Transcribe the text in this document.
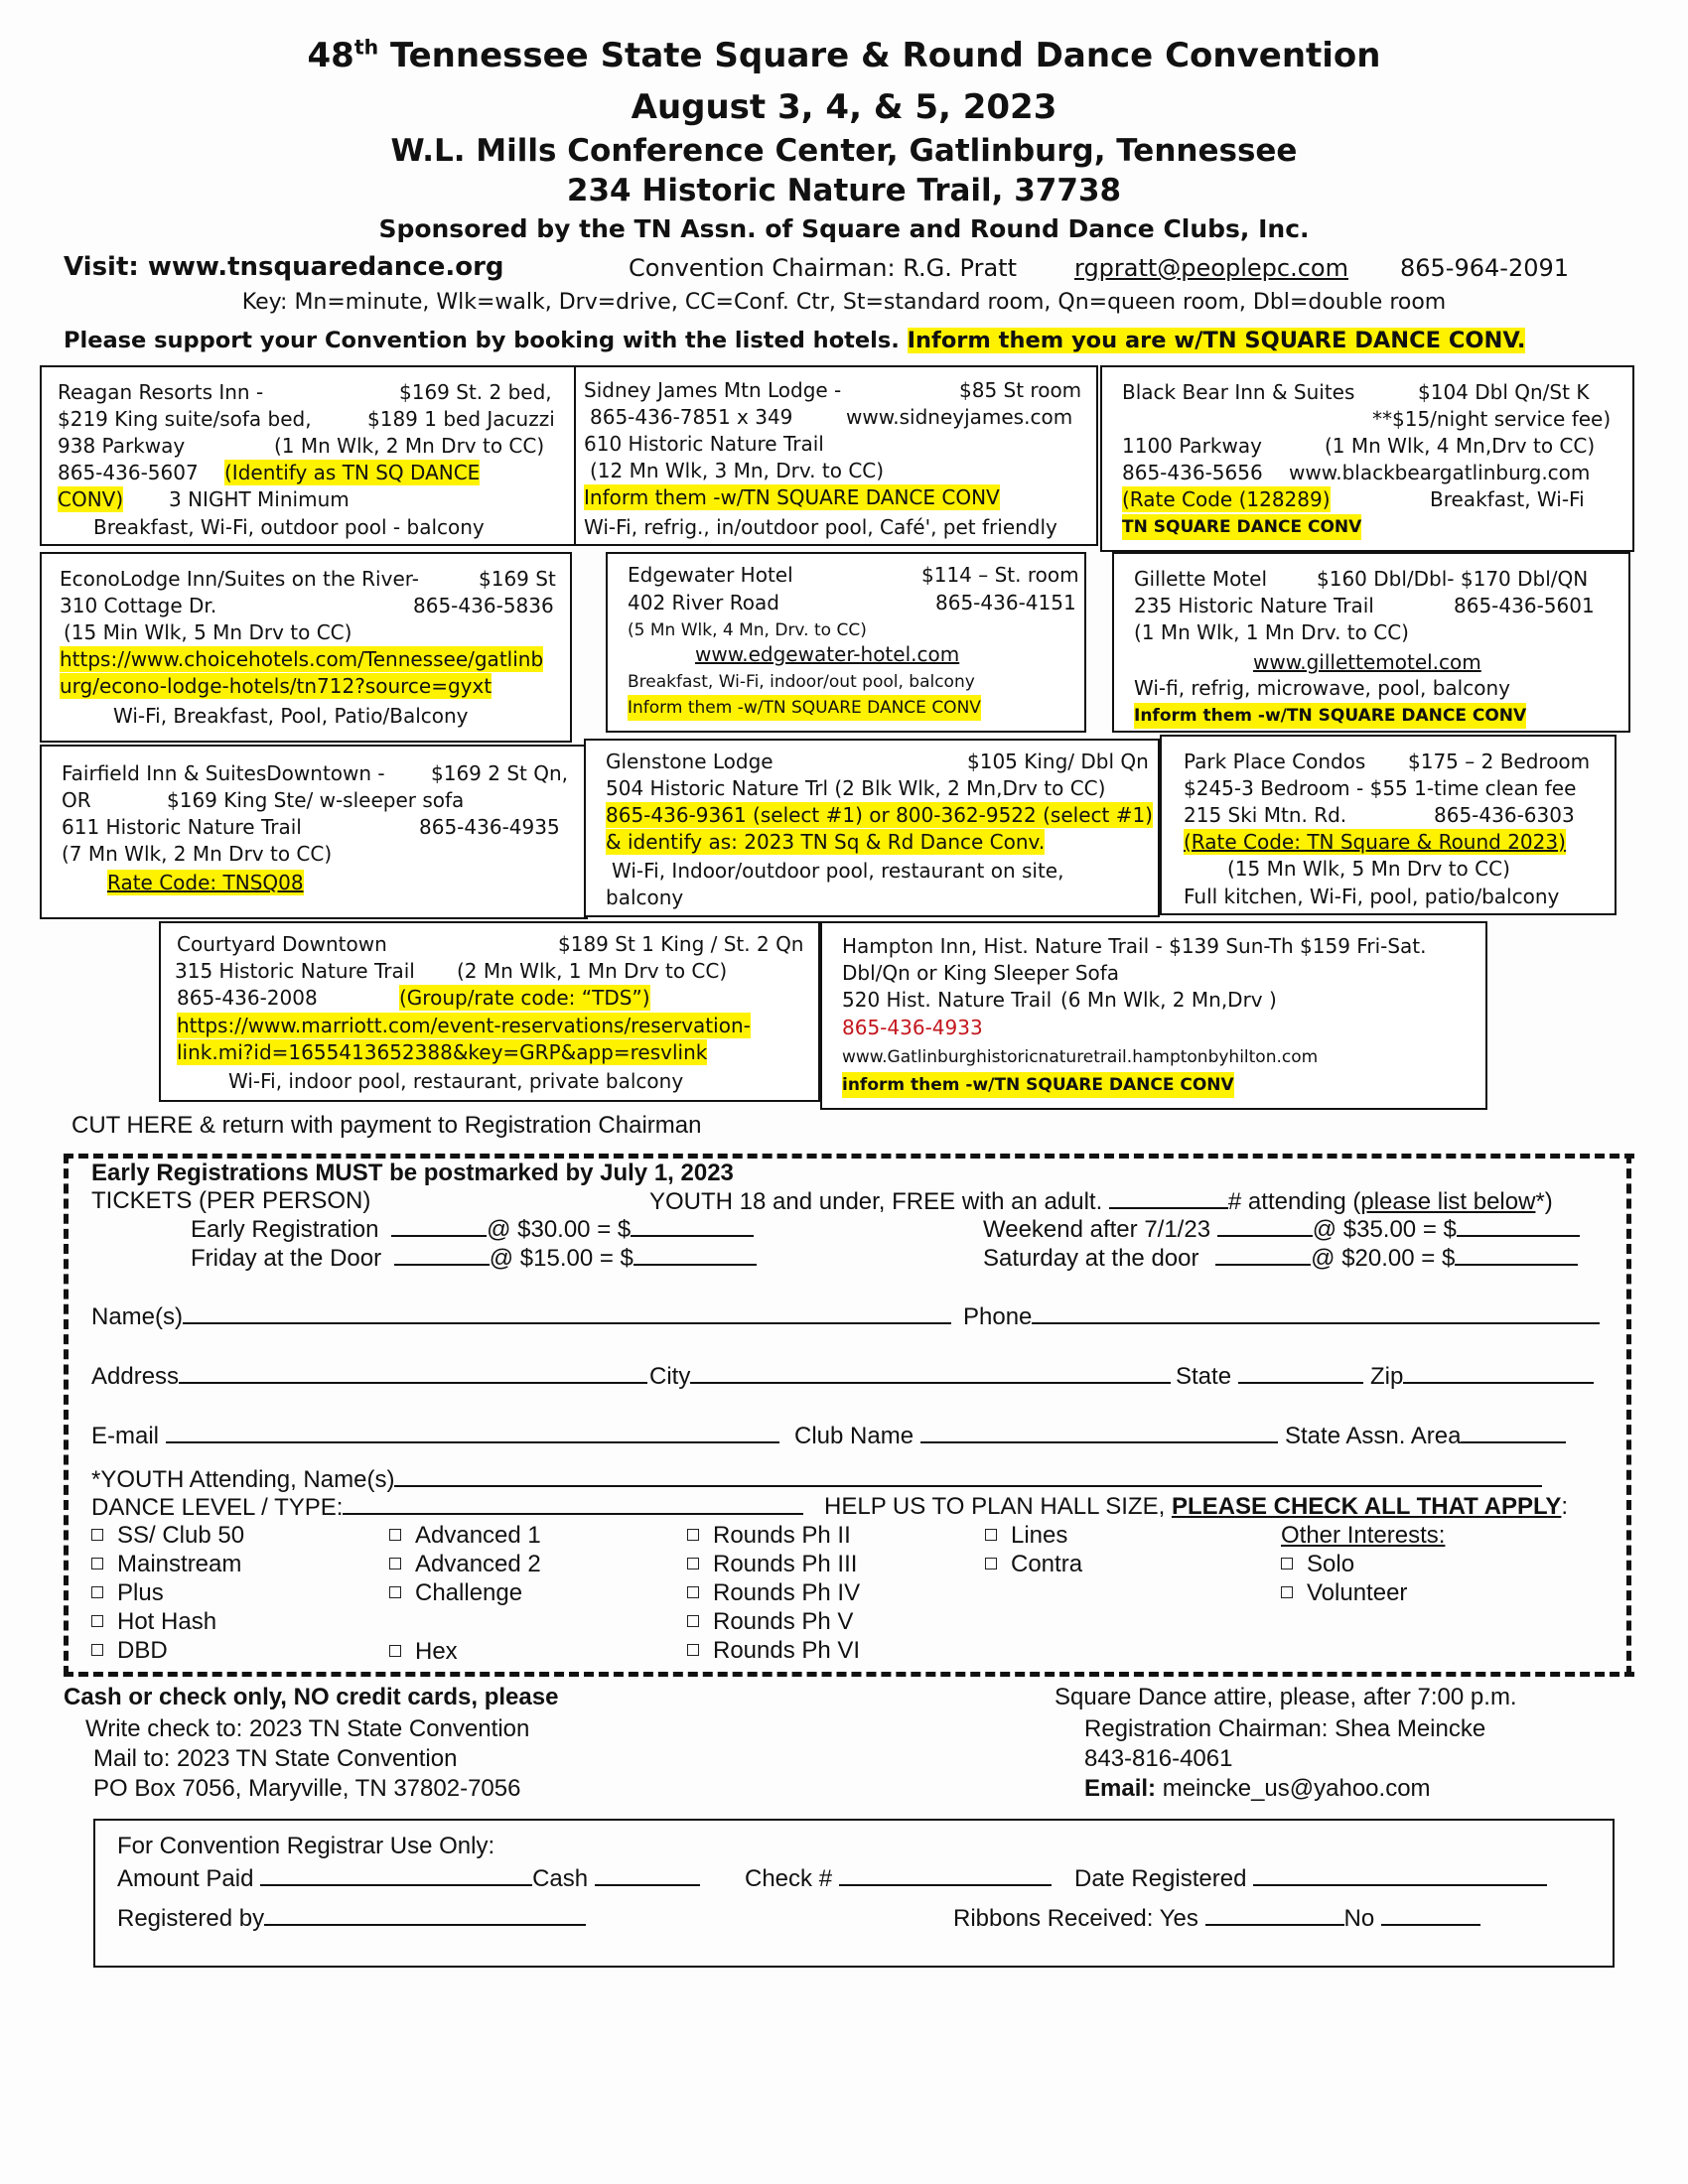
48th Tennessee State Square & Round Dance Convention
August 3, 4, & 5, 2023
W.L. Mills Conference Center, Gatlinburg, Tennessee
234 Historic Nature Trail, 37738
Sponsored by the TN Assn. of Square and Round Dance Clubs, Inc.
Visit: www.tnsquaredance.org	Convention Chairman: R.G. Pratt rgpratt@peoplepc.com 865-964-2091
Key: Mn=minute, Wlk=walk, Drv=drive, CC=Conf. Ctr, St=standard room, Qn=queen room, Dbl=double room
Please support your Convention by booking with the listed hotels. Inform them you are w/TN SQUARE DANCE CONV.
Reagan Resorts Inn -	$169 St. 2 bed,
$219 King suite/sofa bed,	$189 1 bed Jacuzzi
938 Parkway	(1 Mn Wlk, 2 Mn Drv to CC)
865-436-5607 (Identify as TN SQ DANCE
CONV) 3 NIGHT Minimum
Breakfast, Wi-Fi, outdoor pool - balcony
Sidney James Mtn Lodge -	$85 St room
865-436-7851 x 349	www.sidneyjames.com
610 Historic Nature Trail
(12 Mn Wlk, 3 Mn, Drv. to CC)
Inform them -w/TN SQUARE DANCE CONV
Wi-Fi, refrig., in/outdoor pool, Café', pet friendly
Black Bear Inn & Suites	$104 Dbl Qn/St K
**$15/night service fee)
1100 Parkway	(1 Mn Wlk, 4 Mn,Drv to CC)
865-436-5656 www.blackbeargatlinburg.com
(Rate Code (128289)	Breakfast, Wi-Fi
TN SQUARE DANCE CONV
EconoLodge Inn/Suites on the River-	$169 St
310 Cottage Dr.	865-436-5836
(15 Min Wlk, 5 Mn Drv to CC)
https://www.choicehotels.com/Tennessee/gatlinb
urg/econo-lodge-hotels/tn712?source=gyxt
Wi-Fi, Breakfast, Pool, Patio/Balcony
Edgewater Hotel	$114 – St. room
402 River Road	865-436-4151
(5 Mn Wlk, 4 Mn, Drv. to CC)
www.edgewater-hotel.com
Breakfast, Wi-Fi, indoor/out pool, balcony
Inform them -w/TN SQUARE DANCE CONV
Gillette Motel $160 Dbl/Dbl- $170 Dbl/QN
235 Historic Nature Trail	865-436-5601
(1 Mn Wlk, 1 Mn Drv. to CC)
www.gillettemotel.com
Wi-fi, refrig, microwave, pool, balcony
Inform them -w/TN SQUARE DANCE CONV
Fairfield Inn & SuitesDowntown - $169 2 St Qn,
OR	$169 King Ste/ w-sleeper sofa
611 Historic Nature Trail	865-436-4935
(7 Mn Wlk, 2 Mn Drv to CC)
Rate Code: TNSQ08
Glenstone Lodge	$105 King/ Dbl Qn
504 Historic Nature Trl (2 Blk Wlk, 2 Mn,Drv to CC)
865-436-9361 (select #1) or 800-362-9522 (select #1)
& identify as: 2023 TN Sq & Rd Dance Conv.
Wi-Fi, Indoor/outdoor pool, restaurant on site,
balcony
Park Place Condos $175 – 2 Bedroom
$245-3 Bedroom - $55 1-time clean fee
215 Ski Mtn. Rd.	865-436-6303
(Rate Code: TN Square & Round 2023)
(15 Mn Wlk, 5 Mn Drv to CC)
Full kitchen, Wi-Fi, pool, patio/balcony
Courtyard Downtown	$189 St 1 King / St. 2 Qn
315 Historic Nature Trail (2 Mn Wlk, 1 Mn Drv to CC)
865-436-2008	(Group/rate code: “TDS”)
https://www.marriott.com/event-reservations/reservation-
link.mi?id=1655413652388&key=GRP&app=resvlink
Wi-Fi, indoor pool, restaurant, private balcony
Hampton Inn, Hist. Nature Trail - $139 Sun-Th $159 Fri-Sat.
Dbl/Qn or King Sleeper Sofa
520 Hist. Nature Trail (6 Mn Wlk, 2 Mn,Drv )
865-436-4933
www.Gatlinburghistoricnaturetrail.hamptonbyhilton.com
inform them -w/TN SQUARE DANCE CONV
CUT HERE & return with payment to Registration Chairman
Early Registrations MUST be postmarked by July 1, 2023
TICKETS (PER PERSON)	YOUTH 18 and under, FREE with an adult.	# attending (please list below*)
Early Registration	@ $30.00 = $
Friday at the Door	@ $15.00 = $
Weekend after 7/1/23	@ $35.00 = $
Saturday at the door	@ $20.00 = $
Name(s)	Phone
Address	City	State	Zip
E-mail	Club Name	State Assn. Area
*YOUTH Attending, Name(s)
DANCE LEVEL / TYPE:	HELP US TO PLAN HALL SIZE, PLEASE CHECK ALL THAT APPLY:
SS/ Club 50
Mainstream
Plus
Hot Hash
DBD
Advanced 1
Advanced 2
Challenge
Hex
Rounds Ph II
Rounds Ph III
Rounds Ph IV
Rounds Ph V
Rounds Ph VI
Lines
Contra
Other Interests:
Solo
Volunteer
Cash or check only, NO credit cards, please
Write check to: 2023 TN State Convention
Mail to: 2023 TN State Convention
PO Box 7056, Maryville, TN 37802-7056
Square Dance attire, please, after 7:00 p.m.
Registration Chairman: Shea Meincke
843-816-4061
Email: meincke_us@yahoo.com
For Convention Registrar Use Only:
Amount Paid	Cash	Check #	Date Registered
Registered by	Ribbons Received: Yes	No
